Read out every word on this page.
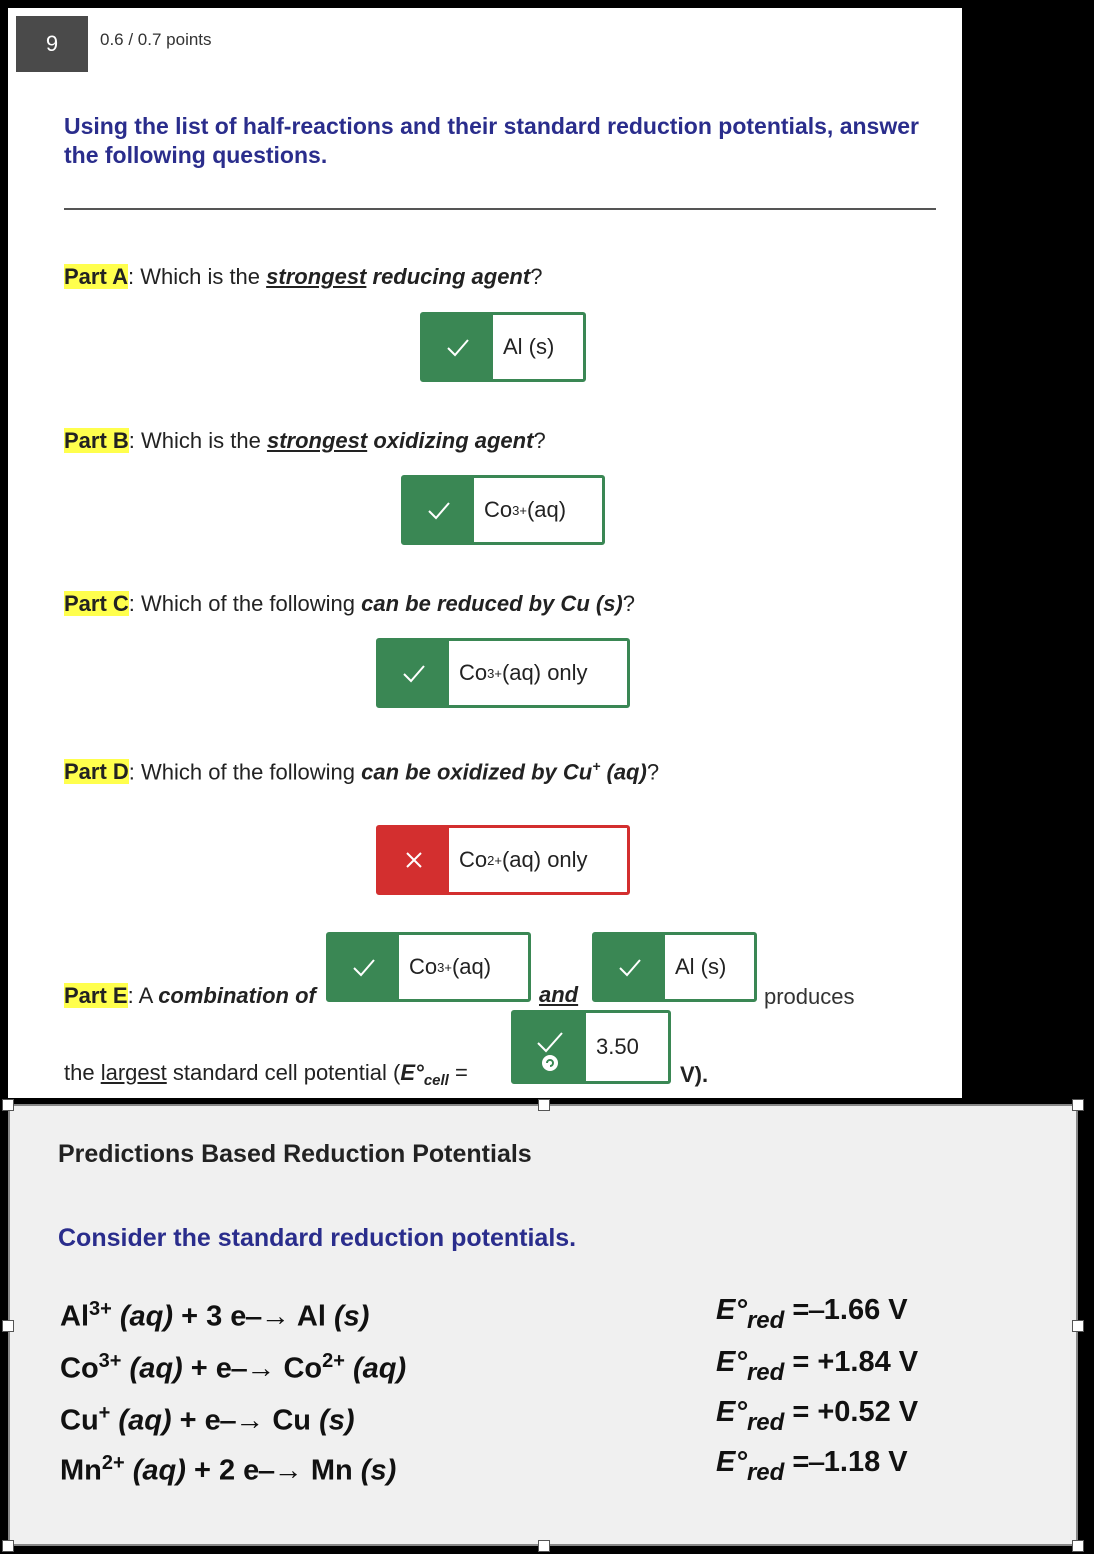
9	0.6 / 0.7 points
Using the list of half-reactions and their standard reduction potentials, answer the following questions.
Part A: Which is the strongest reducing agent?
Al (s)
Part B: Which is the strongest oxidizing agent?
Co 3+ (aq)
Part C: Which of the following can be reduced by Cu (s)?
Co 3+ (aq) only
Part D: Which of the following can be oxidized by Cu+ (aq)?
Co 2+ (aq) only
Part E: A combination of
Co 3+ (aq)
and
Al (s)
produces
the largest standard cell potential ($E^\circ_{cell}$ =
3.50
V).
Predictions Based Reduction Potentials
Consider the standard reduction potentials.
$Al^{3+}$ (aq) + 3 e⎯→ Al (s)
$Co^{3+}$ (aq) + e⎯→ $Co^{2+}$ (aq)
Cu+ (aq) + e⎯→ Cu (s)
$Mn^{2+}$ (aq) + 2 e⎯→ Mn (s)
$E^\circ_{red}$ =⎯1.66 V
$E^\circ_{red} = +1.84$ V
$E^\circ_{red} = +0.52$ V
$E^\circ_{red}$ =⎯1.18 V
